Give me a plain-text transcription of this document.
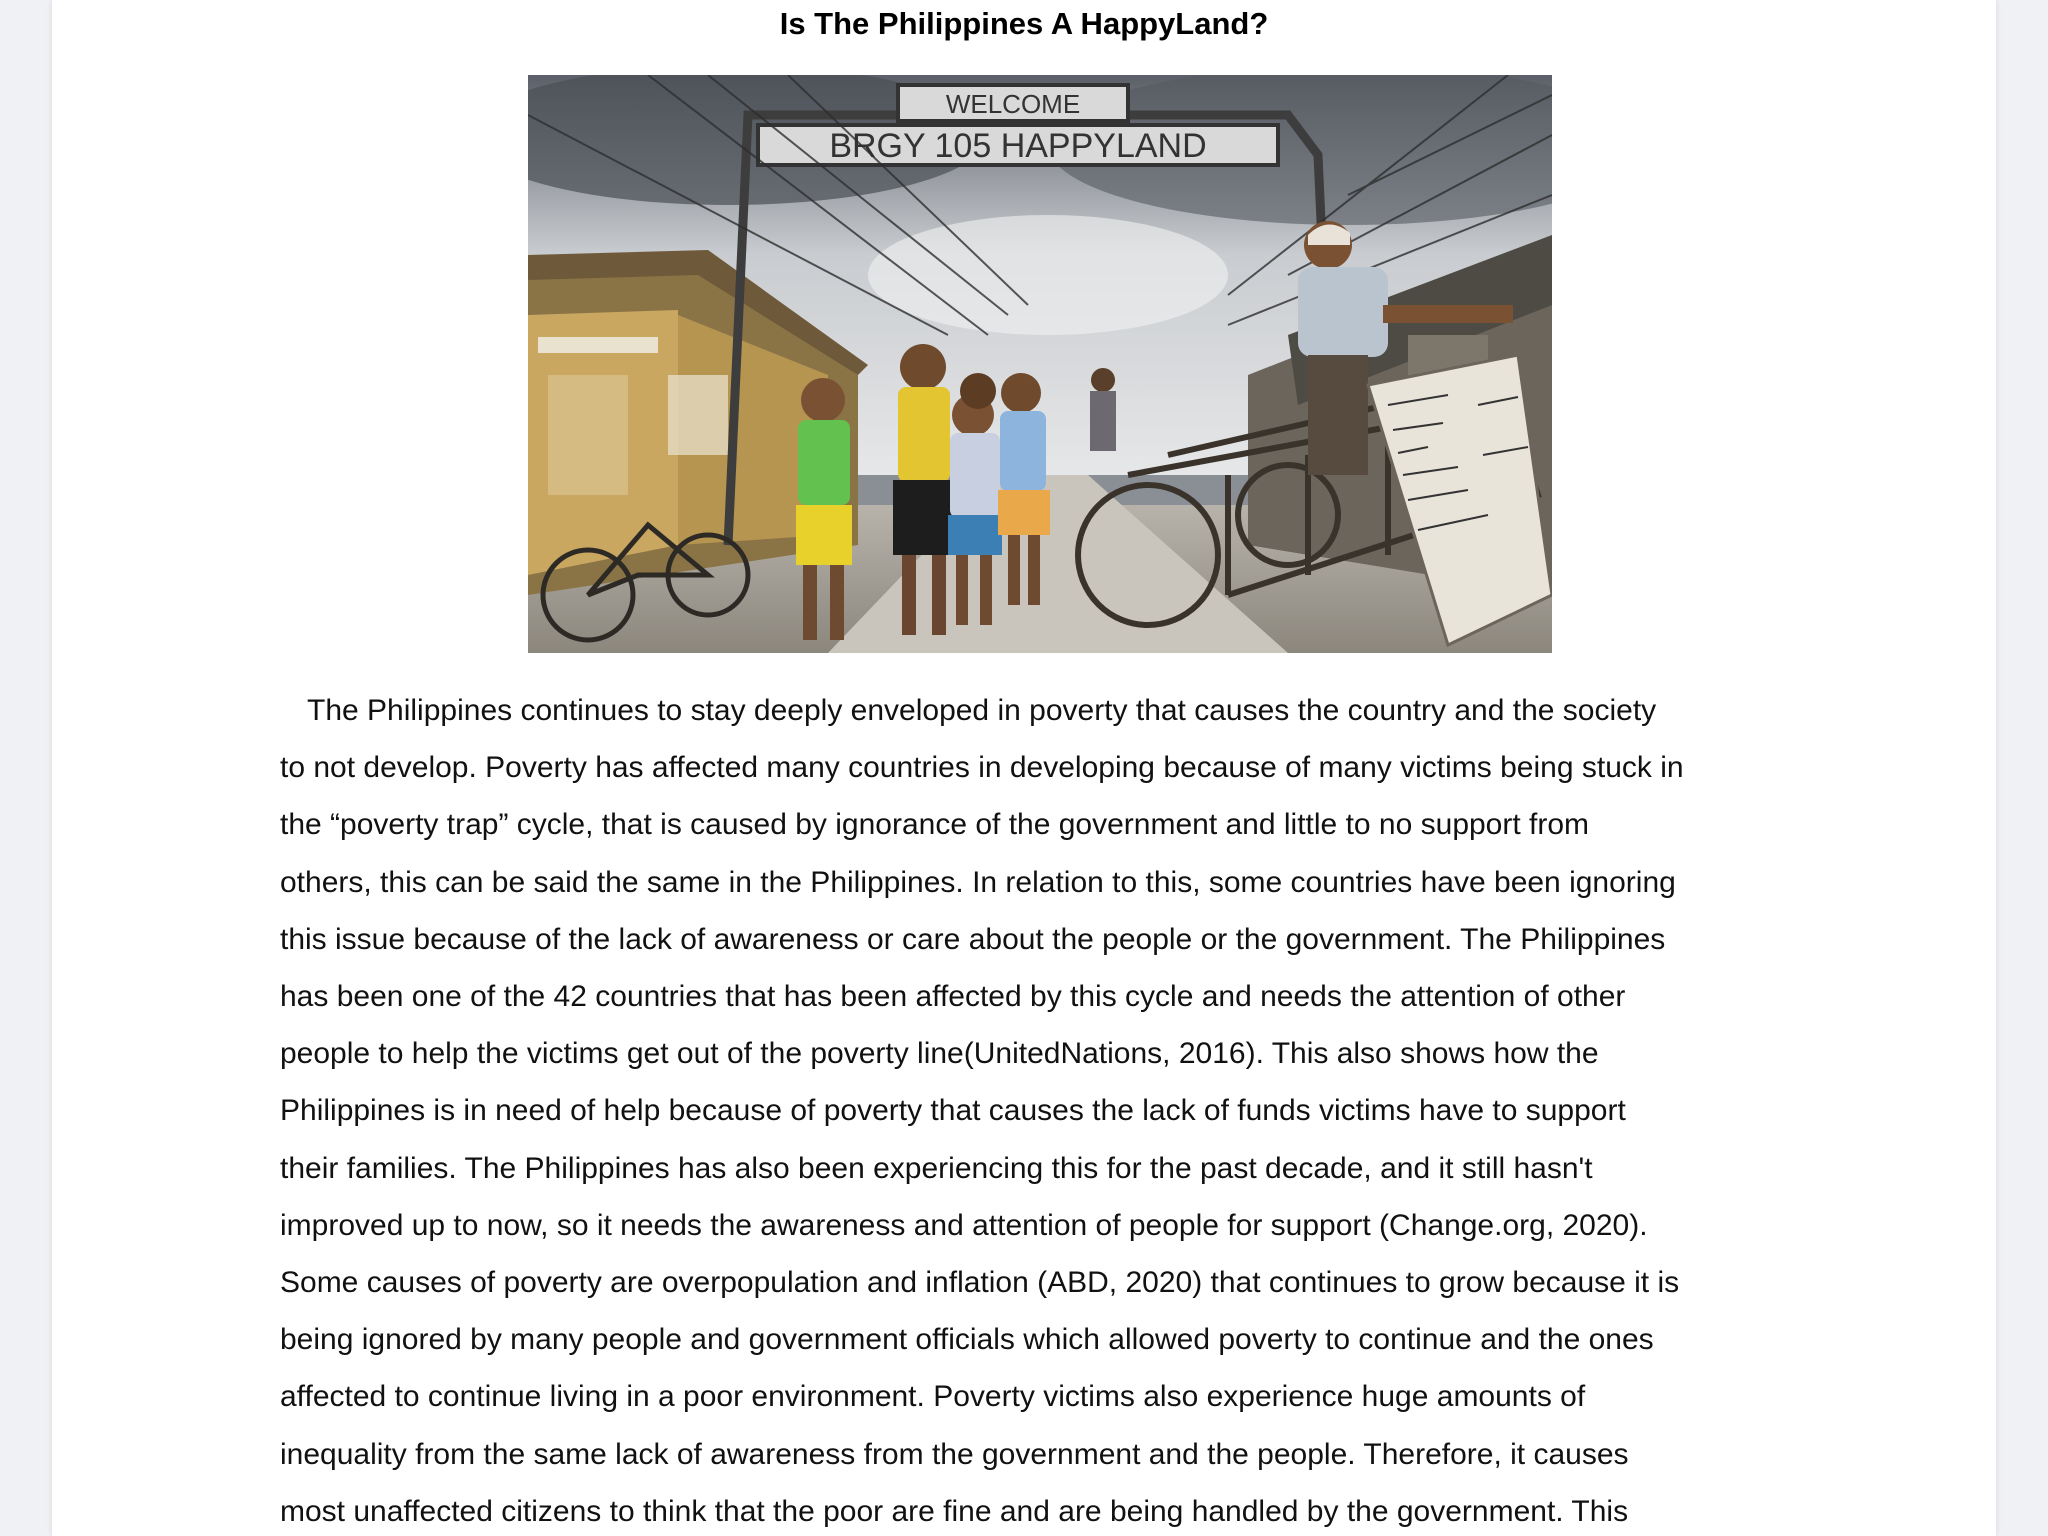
Is The Philippines A HappyLand?
WELCOME
BRGY 105 HAPPYLAND
The Philippines continues to stay deeply enveloped in poverty that causes the country and the society
to not develop. Poverty has affected many countries in developing because of many victims being stuck in
the “poverty trap” cycle, that is caused by ignorance of the government and little to no support from
others, this can be said the same in the Philippines. In relation to this, some countries have been ignoring
this issue because of the lack of awareness or care about the people or the government. The Philippines
has been one of the 42 countries that has been affected by this cycle and needs the attention of other
people to help the victims get out of the poverty line(UnitedNations, 2016). This also shows how the
Philippines is in need of help because of poverty that causes the lack of funds victims have to support
their families. The Philippines has also been experiencing this for the past decade, and it still hasn't
improved up to now, so it needs the awareness and attention of people for support (Change.org, 2020).
Some causes of poverty are overpopulation and inflation (ABD, 2020) that continues to grow because it is
being ignored by many people and government officials which allowed poverty to continue and the ones
affected to continue living in a poor environment. Poverty victims also experience huge amounts of
inequality from the same lack of awareness from the government and the people. Therefore, it causes
most unaffected citizens to think that the poor are fine and are being handled by the government. This
